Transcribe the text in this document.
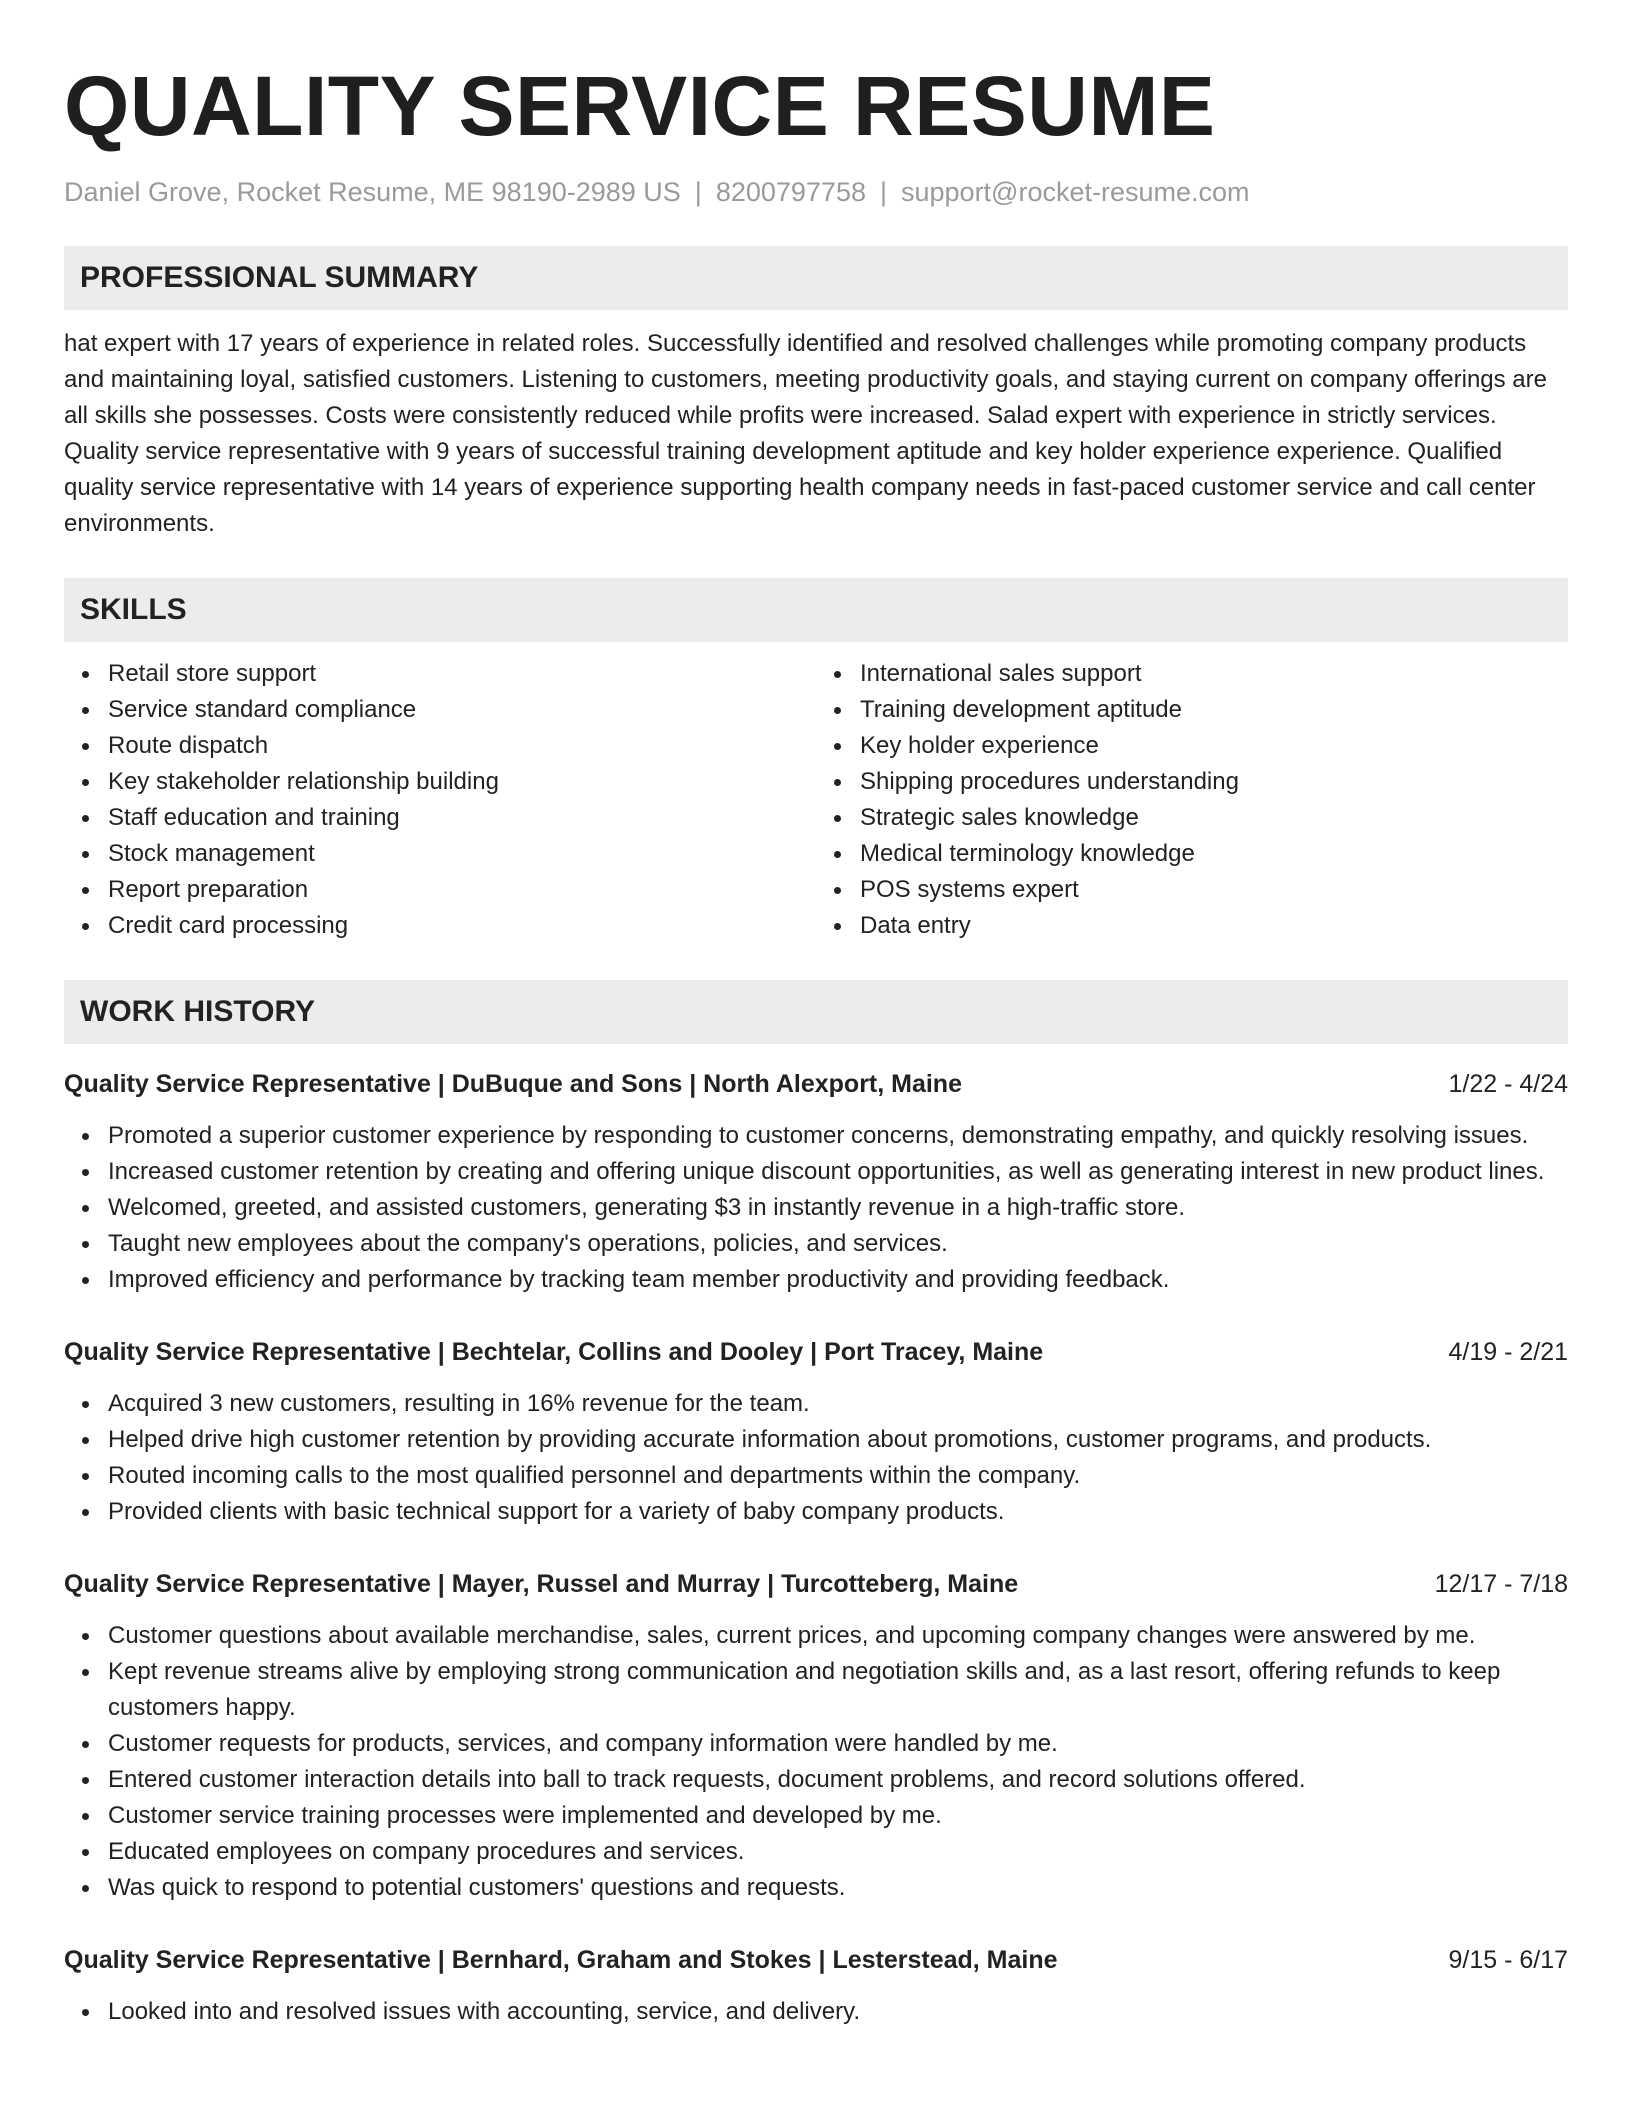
QUALITY SERVICE RESUME
Daniel Grove, Rocket Resume, ME 98190-2989 US | 8200797758 | support@rocket-resume.com
PROFESSIONAL SUMMARY

hat expert with 17 years of experience in related roles. Successfully identified and resolved challenges while promoting company products and maintaining loyal, satisfied customers. Listening to customers, meeting productivity goals, and staying current on company offerings are all skills she possesses. Costs were consistently reduced while profits were increased. Salad expert with experience in strictly services. Quality service representative with 9 years of successful training development aptitude and key holder experience experience. Qualified quality service representative with 14 years of experience supporting health company needs in fast-paced customer service and call center environments.

SKILLS
Retail store support
Service standard compliance
Route dispatch
Key stakeholder relationship building
Staff education and training
Stock management
Report preparation
Credit card processing
International sales support
Training development aptitude
Key holder experience
Shipping procedures understanding
Strategic sales knowledge
Medical terminology knowledge
POS systems expert
Data entry
WORK HISTORY
Quality Service Representative | DuBuque and Sons | North Alexport, Maine	1/22 - 4/24
Promoted a superior customer experience by responding to customer concerns, demonstrating empathy, and quickly resolving issues.
Increased customer retention by creating and offering unique discount opportunities, as well as generating interest in new product lines.
Welcomed, greeted, and assisted customers, generating $3 in instantly revenue in a high-traffic store.
Taught new employees about the company's operations, policies, and services.
Improved efficiency and performance by tracking team member productivity and providing feedback.
Quality Service Representative | Bechtelar, Collins and Dooley | Port Tracey, Maine	4/19 - 2/21
Acquired 3 new customers, resulting in 16% revenue for the team.
Helped drive high customer retention by providing accurate information about promotions, customer programs, and products.
Routed incoming calls to the most qualified personnel and departments within the company.
Provided clients with basic technical support for a variety of baby company products.
Quality Service Representative | Mayer, Russel and Murray | Turcotteberg, Maine	12/17 - 7/18
Customer questions about available merchandise, sales, current prices, and upcoming company changes were answered by me.
Kept revenue streams alive by employing strong communication and negotiation skills and, as a last resort, offering refunds to keep customers happy.
Customer requests for products, services, and company information were handled by me.
Entered customer interaction details into ball to track requests, document problems, and record solutions offered.
Customer service training processes were implemented and developed by me.
Educated employees on company procedures and services.
Was quick to respond to potential customers' questions and requests.
Quality Service Representative | Bernhard, Graham and Stokes | Lesterstead, Maine	9/15 - 6/17
Looked into and resolved issues with accounting, service, and delivery.
